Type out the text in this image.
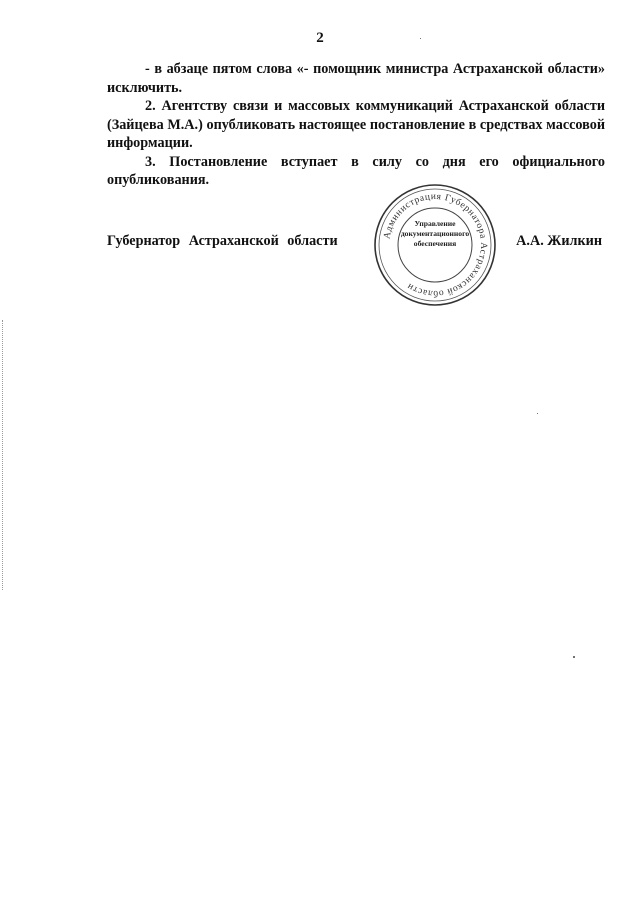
2

- в абзаце пятом слова «- помощник министра Астраханской области» исключить.

2. Агентству связи и массовых коммуникаций Астраханской области (Зайцева М.А.) опубликовать настоящее постановление в средствах массовой информации.

3. Постановление вступает в силу со дня его официального опубликования.

Губернатор Астраханской области	Администрация Губернатора Астраханской области
Управление
документационного
обеспечения	А.А. Жилкин
